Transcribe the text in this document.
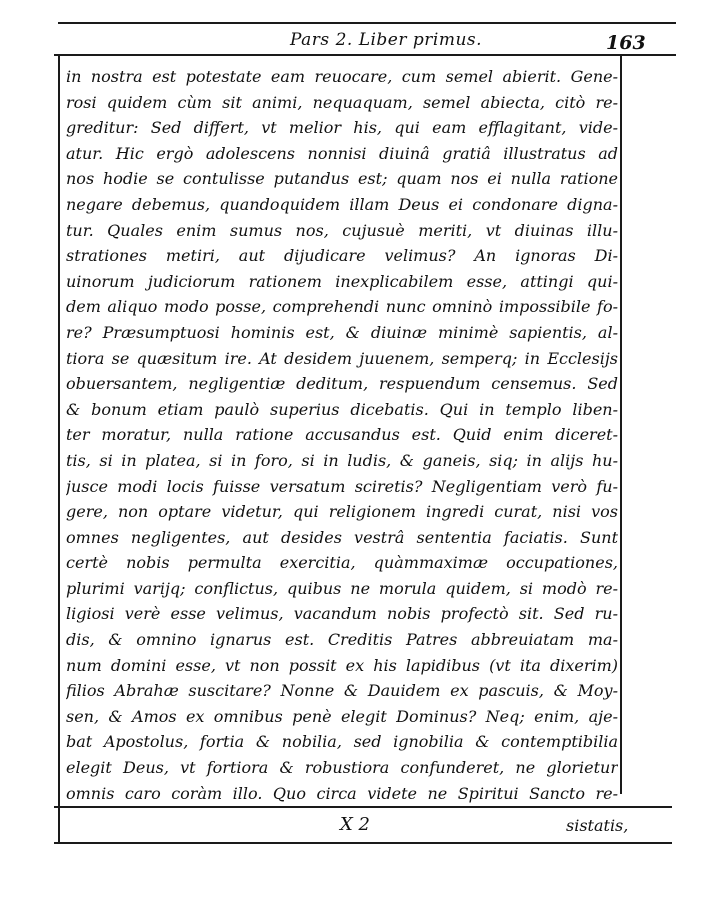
Pars 2. Liber primus.	163
in nostra est potestate eam reuocare, cum semel abierit. Gene-
rosi quidem cùm sit animi, nequaquam, semel abiecta, citò re-
greditur: Sed differt, vt melior his, qui eam efflagitant, vide-
atur. Hic ergò adolescens nonnisi diuinâ gratiâ illustratus ad
nos hodie se contulisse putandus est; quam nos ei nulla ratione
negare debemus, quandoquidem illam Deus ei condonare digna-
tur. Quales enim sumus nos, cujusuè meriti, vt diuinas illu-
strationes metiri, aut dijudicare velimus? An ignoras Di-
uinorum judiciorum rationem inexplicabilem esse, attingi qui-
dem aliquo modo posse, comprehendi nunc omninò impossibile fo-
re? Præsumptuosi hominis est, & diuinæ minimè sapientis, al-
tiora se quæsitum ire. At desidem juuenem, semperq; in Ecclesijs
obuersantem, negligentiæ deditum, respuendum censemus. Sed
& bonum etiam paulò superius dicebatis. Qui in templo liben-
ter moratur, nulla ratione accusandus est. Quid enim diceret-
tis, si in platea, si in foro, si in ludis, & ganeis, siq; in alijs hu-
jusce modi locis fuisse versatum sciretis? Negligentiam verò fu-
gere, non optare videtur, qui religionem ingredi curat, nisi vos
omnes negligentes, aut desides vestrâ sententia faciatis. Sunt
certè nobis permulta exercitia, quàmmaximæ occupationes,
plurimi varijq; conflictus, quibus ne morula quidem, si modò re-
ligiosi verè esse velimus, vacandum nobis profectò sit. Sed ru-
dis, & omnino ignarus est. Creditis Patres abbreuiatam ma-
num domini esse, vt non possit ex his lapidibus (vt ita dixerim)
filios Abrahæ suscitare? Nonne & Dauidem ex pascuis, & Moy-
sen, & Amos ex omnibus penè elegit Dominus? Neq; enim, aje-
bat Apostolus, fortia & nobilia, sed ignobilia & contemptibilia
elegit Deus, vt fortiora & robustiora confunderet, ne glorietur
omnis caro coràm illo. Quo circa videte ne Spiritui Sancto re-
X 2	sistatis,
